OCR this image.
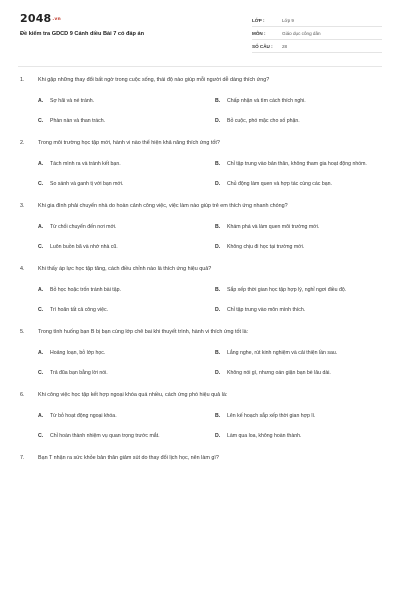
2048.vn
Đề kiểm tra GDCD 9 Cánh diều Bài 7 có đáp án
LỚP :	Lớp 9
MÔN :	Giáo dục công dân
SỐ CÂU :	28
1.	Khi gặp những thay đổi bất ngờ trong cuộc sống, thái độ nào giúp mỗi người dễ dàng thích ứng?
A.	Sợ hãi và né tránh.	B.	Chấp nhận và tìm cách thích nghi.
C.	Phàn nàn và than trách.	D.	Bỏ cuộc, phó mặc cho số phận.
2.	Trong môi trường học tập mới, hành vi nào thể hiện khả năng thích ứng tốt?
A.	Tách mình ra và tránh kết bạn.	B.	Chỉ tập trung vào bản thân, không tham gia hoạt động nhóm.
C.	So sánh và ganh tị với bạn mới.	D.	Chủ động làm quen và hợp tác cùng các bạn.
3.	Khi gia đình phải chuyển nhà do hoàn cảnh công việc, việc làm nào giúp trẻ em thích ứng nhanh chóng?
A.	Từ chối chuyển đến nơi mới.	B.	Khám phá và làm quen môi trường mới.
C.	Luôn buồn bã và nhớ nhà cũ.	D.	Không chịu đi học tại trường mới.
4.	Khi thấy áp lực học tập tăng, cách điều chỉnh nào là thích ứng hiệu quả?
A.	Bỏ học hoặc trốn tránh bài tập.	B.	Sắp xếp thời gian học tập hợp lý, nghỉ ngơi điều độ.
C.	Trì hoãn tất cả công việc.	D.	Chỉ tập trung vào môn mình thích.
5.	Trong tình huống bạn B bị bạn cùng lớp chê bai khi thuyết trình, hành vi thích ứng tốt là:
A.	Hoảng loạn, bỏ lớp học.	B.	Lắng nghe, rút kinh nghiệm và cải thiện lần sau.
C.	Trả đũa bạn bằng lời nói.	D.	Không nói gì, nhưng oán giận bạn bè lâu dài.
6.	Khi công việc học tập kết hợp ngoại khóa quá nhiều, cách ứng phó hiệu quả là:
A.	Từ bỏ hoạt động ngoại khóa.	B.	Lên kế hoạch sắp xếp thời gian hợp lí.
C.	Chỉ hoàn thành nhiệm vụ quan trọng trước mắt.	D.	Làm qua loa, không hoàn thành.
7.	Bạn T nhận ra sức khỏe bản thân giảm sút do thay đổi lịch học, nên làm gì?
